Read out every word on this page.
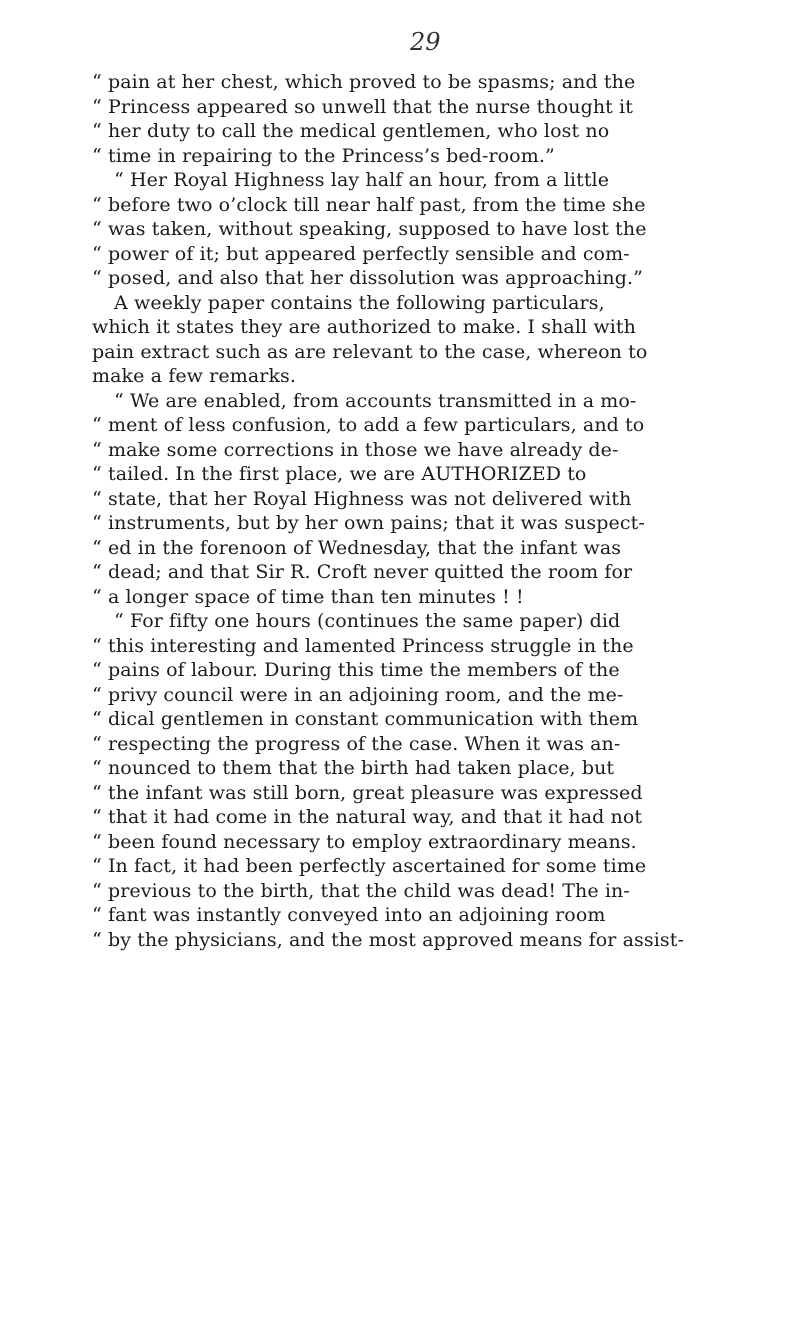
29
“ pain at her chest, which proved to be spasms; and the
“ Princess appeared so unwell that the nurse thought it
“ her duty to call the medical gentlemen, who lost no
“ time in repairing to the Princess’s bed-room.”
“ Her Royal Highness lay half an hour, from a little
“ before two o’clock till near half past, from the time she
“ was taken, without speaking, supposed to have lost the
“ power of it; but appeared perfectly sensible and com-
“ posed, and also that her dissolution was approaching.”
A weekly paper contains the following particulars,
which it states they are authorized to make. I shall with
pain extract such as are relevant to the case, whereon to
make a few remarks.
“ We are enabled, from accounts transmitted in a mo-
“ ment of less confusion, to add a few particulars, and to
“ make some corrections in those we have already de-
“ tailed. In the first place, we are AUTHORIZED to
“ state, that her Royal Highness was not delivered with
“ instruments, but by her own pains; that it was suspect-
“ ed in the forenoon of Wednesday, that the infant was
“ dead; and that Sir R. Croft never quitted the room for
“ a longer space of time than ten minutes ! !
“ For fifty one hours (continues the same paper) did
“ this interesting and lamented Princess struggle in the
“ pains of labour. During this time the members of the
“ privy council were in an adjoining room, and the me-
“ dical gentlemen in constant communication with them
“ respecting the progress of the case. When it was an-
“ nounced to them that the birth had taken place, but
“ the infant was still born, great pleasure was expressed
“ that it had come in the natural way, and that it had not
“ been found necessary to employ extraordinary means.
“ In fact, it had been perfectly ascertained for some time
“ previous to the birth, that the child was dead! The in-
“ fant was instantly conveyed into an adjoining room
“ by the physicians, and the most approved means for assist-
